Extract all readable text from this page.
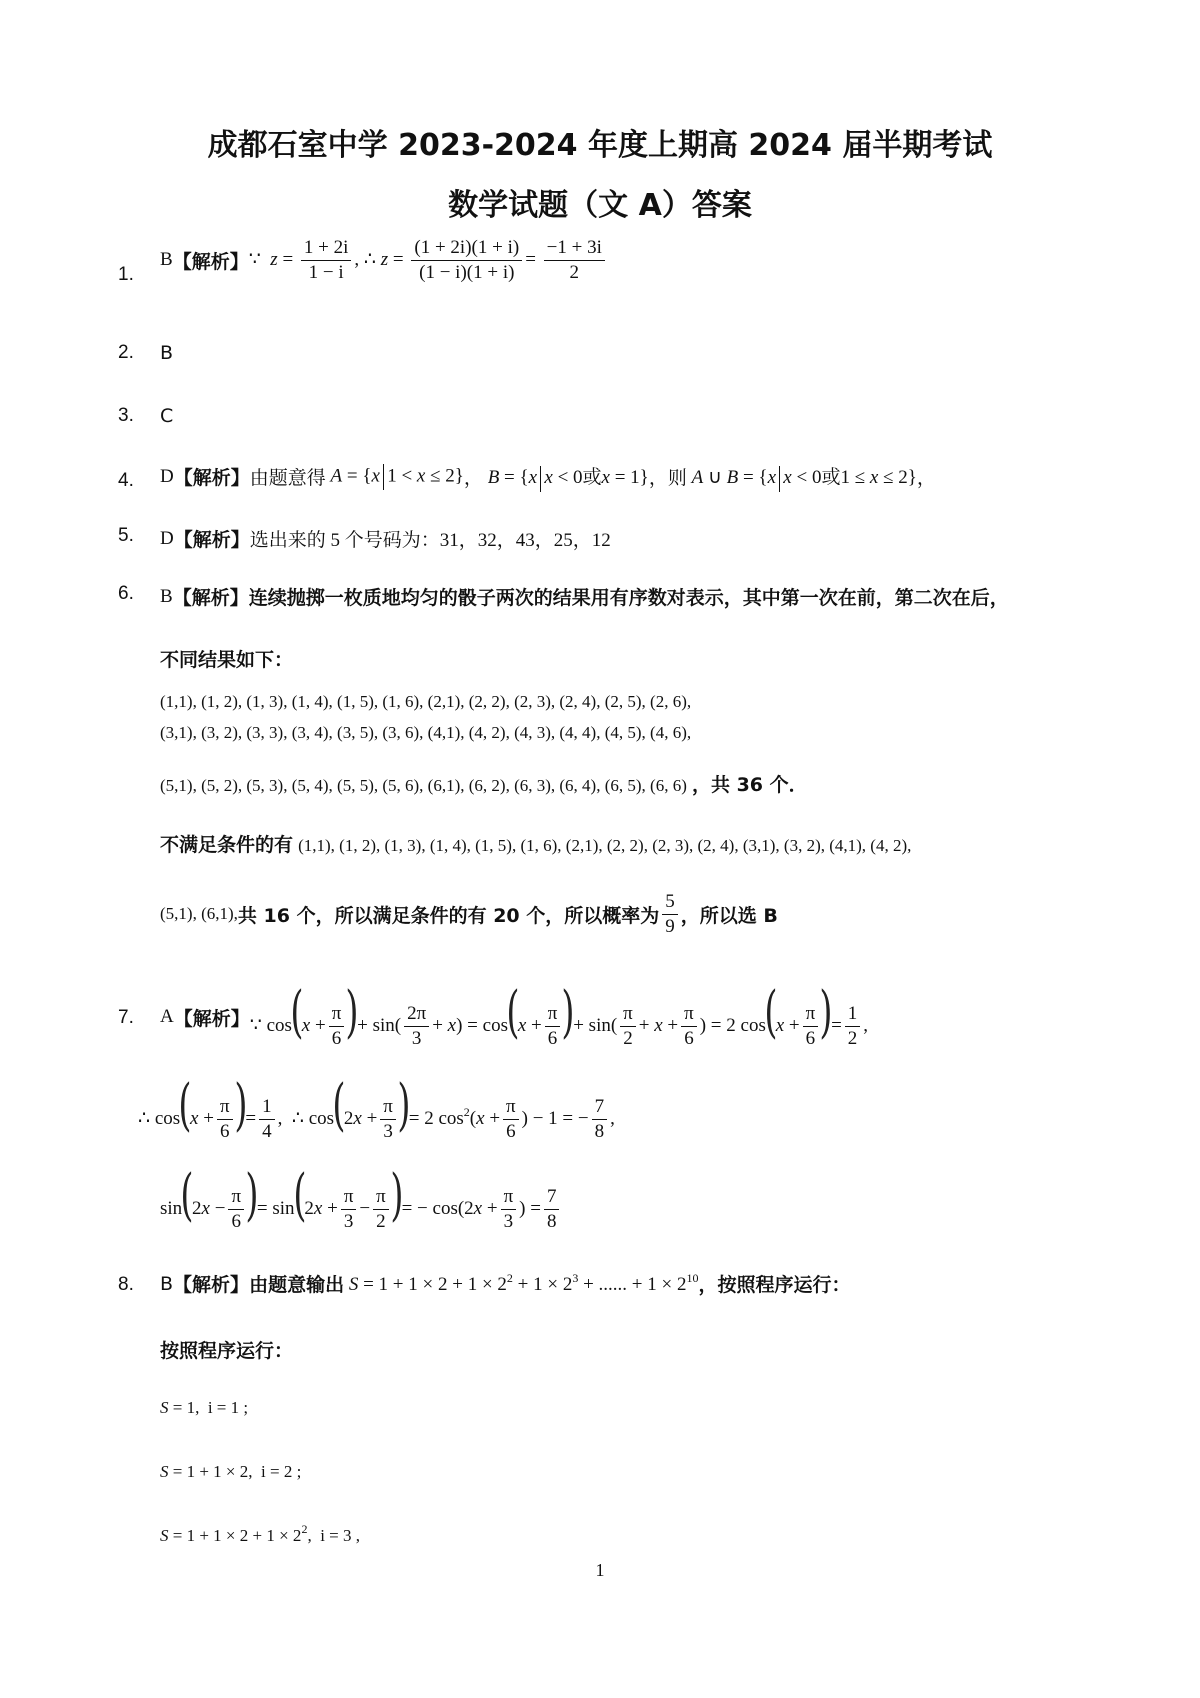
成都石室中学 2023-2024 年度上期高 2024 届半期考试
数学试题（文 A）答案
1.
B 【解析】 ∵  $z = \frac{1 + 2i}{1 - i}$ , ∴ $z = \frac{(1 + 2i)(1 + i)}{(1 - i)(1 + i)} = \frac{-1 + 3i}{2}$
2. B
3. C
4. D 【解析】 由题意得 A = {x 1 < x ≤ 2} ， B = {x x < 0或x = 1} ，则 A ∪ B = {x x < 0或1 ≤ x ≤ 2} ，
5. D 【解析】 选出来的 5 个号码为：31，32，43，25，12
6. B 【解析】 连续抛掷一枚质地均匀的骰子两次的结果用有序数对表示，其中第一次在前，第二次在后，
不同结果如下：
(1,1), (1, 2), (1, 3), (1, 4), (1, 5), (1, 6), (2,1), (2, 2), (2, 3), (2, 4), (2, 5), (2, 6),
(3,1), (3, 2), (3, 3), (3, 4), (3, 5), (3, 6), (4,1), (4, 2), (4, 3), (4, 4), (4, 5), (4, 6),
(5,1), (5, 2), (5, 3), (5, 4), (5, 5), (5, 6), (6,1), (6, 2), (6, 3), (6, 4), (6, 5), (6, 6) ，共 36 个．
不满足条件的有 (1,1), (1, 2), (1, 3), (1, 4), (1, 5), (1, 6), (2,1), (2, 2), (2, 3), (2, 4), (3,1), (3, 2), (4,1), (4, 2),
(5,1), (6,1), 共 16 个，所以满足条件的有 20 个，所以概率为 $\frac{5}{9}$ ，所以选 B
7. A 【解析】 ∵ $\cos(x + \frac{\pi}{6}$ )+ $\sin( \frac{2\pi}{3} + x) = \cos(x + \frac{\pi}{6}$ )+ $\sin( \frac{\pi}{2} + x + \frac{\pi}{6}$ ) = 2 $\cos(x + \frac{\pi}{6}$ )= $\frac{1}{2}$ ,
∴ $\cos(x + \frac{\pi}{6}$ )= $\frac{1}{4}$ ,  ∴ $\cos(2x + \frac{\pi}{3}$ )= 2 $\cos^2(x + \frac{\pi}{6}$ ) − 1 = − $\frac{7}{8}$ ,
$\sin(2x - \frac{\pi}{6}$ )= $\sin(2x + \frac{\pi}{3} - \frac{\pi}{2}$ )= − $\cos(2x + \frac{\pi}{3}$ ) = $\frac{7}{8}$
8. B 【解析】 由题意输出 $S = 1 + 1 \times 2 + 1 \times 2^2 + 1 \times 2^3$ + ...... + $1 \times 2^{10}$ ，按照程序运行：
按照程序运行：
S = 1,  i = 1 ;
S = 1 + 1 × 2,  i = 2 ;
$S = 1 + 1 \times 2 + 1 \times 2^2$,  i = 3 ,
1
